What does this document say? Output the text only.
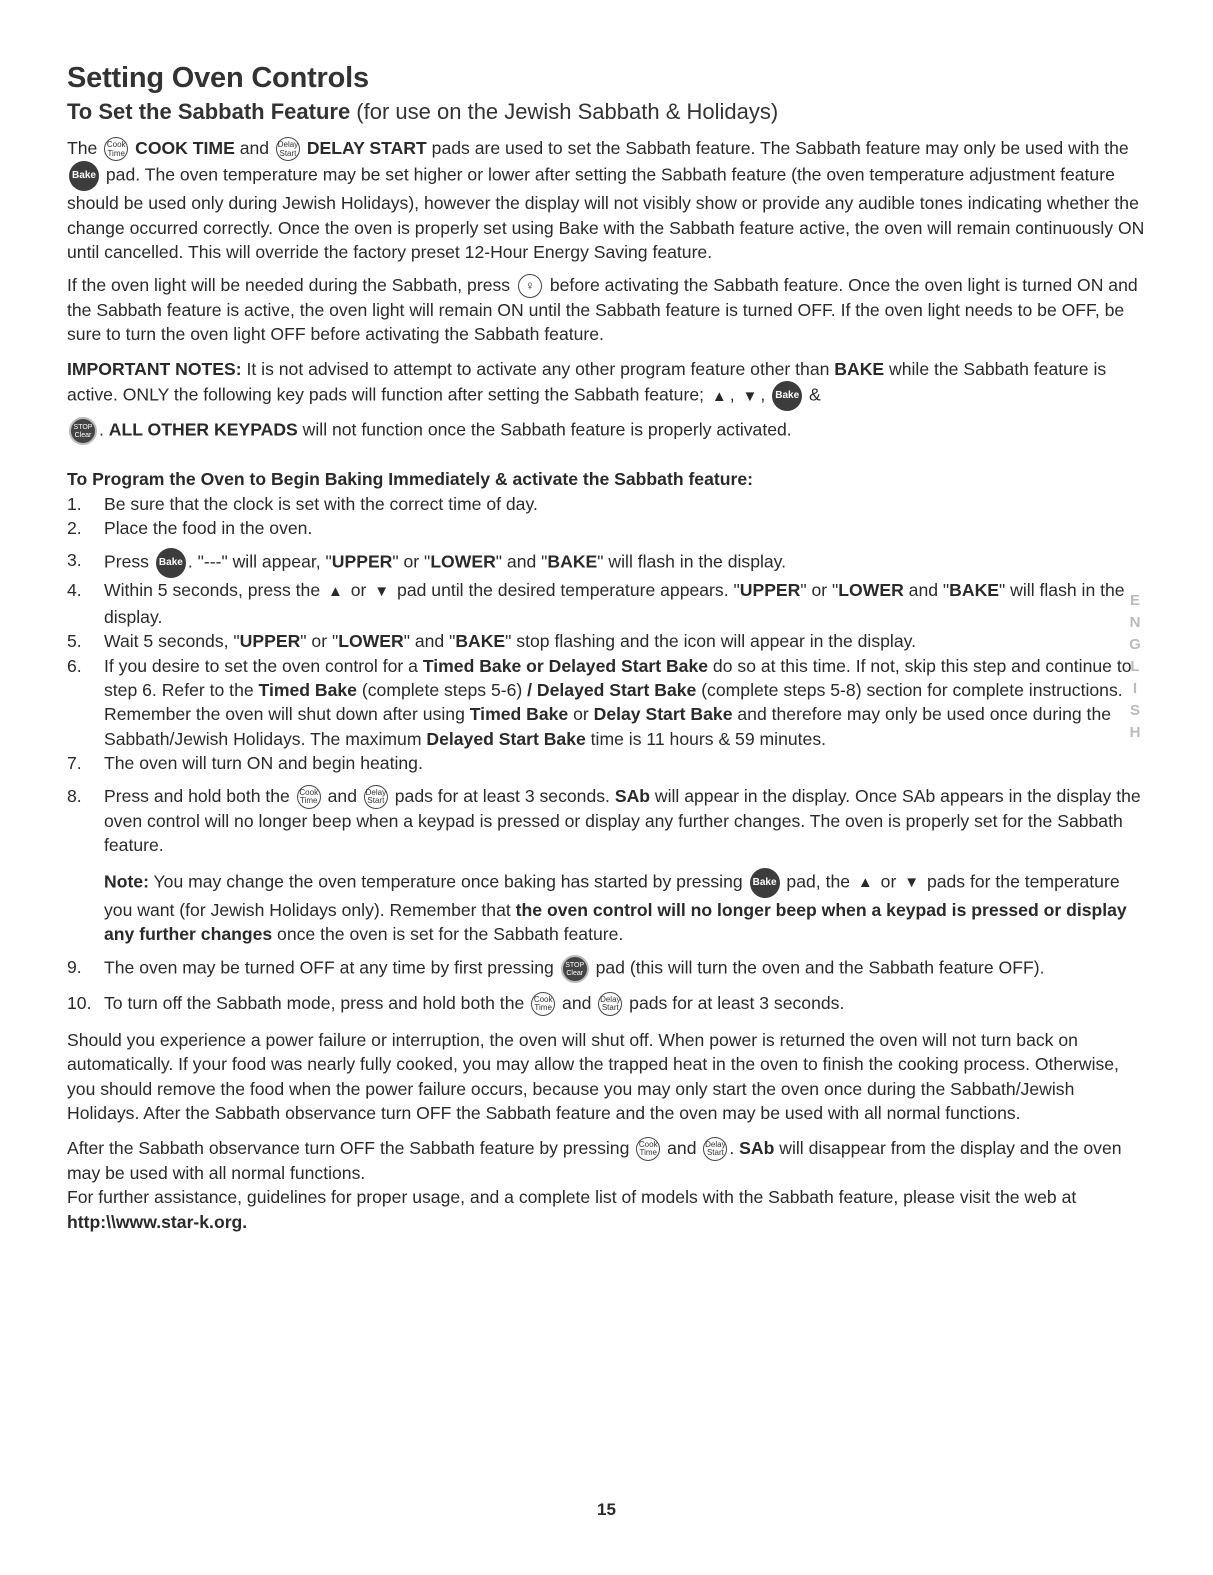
Setting Oven Controls
To Set the Sabbath Feature (for use on the Jewish Sabbath & Holidays)

The Cook
Time COOK TIME and Delay
Start DELAY START pads are used to set the Sabbath feature. The Sabbath feature may only be used with the Bake pad. The oven temperature may be set higher or lower after setting the Sabbath feature (the oven temperature adjustment feature should be used only during Jewish Holidays), however the display will not visibly show or provide any audible tones indicating whether the change occurred correctly. Once the oven is properly set using Bake with the Sabbath feature active, the oven will remain continuously ON until cancelled. This will override the factory preset 12-Hour Energy Saving feature.

If the oven light will be needed during the Sabbath, press ♀ before activating the Sabbath feature. Once the oven light is turned ON and the Sabbath feature is active, the oven light will remain ON until the Sabbath feature is turned OFF. If the oven light needs to be OFF, be sure to turn the oven light OFF before activating the Sabbath feature.

IMPORTANT NOTES: It is not advised to attempt to activate any other program feature other than BAKE while the Sabbath feature is active. ONLY the following key pads will function after setting the Sabbath feature; ▲ , ▼ , Bake &

STOP
Clear . ALL OTHER KEYPADS will not function once the Sabbath feature is properly activated.

To Program the Oven to Begin Baking Immediately & activate the Sabbath feature:

1. Be sure that the clock is set with the correct time of day.
2. Place the food in the oven.
3. Press Bake . "---" will appear, "UPPER" or "LOWER" and "BAKE" will flash in the display.
4. Within 5 seconds, press the ▲ or ▼ pad until the desired temperature appears. "UPPER" or "LOWER and "BAKE" will flash in the display.
5. Wait 5 seconds, "UPPER" or "LOWER" and "BAKE" stop flashing and the icon will appear in the display.
6. If you desire to set the oven control for a Timed Bake or Delayed Start Bake do so at this time. If not, skip this step and continue to step 6. Refer to the Timed Bake (complete steps 5-6) / Delayed Start Bake (complete steps 5-8) section for complete instructions. Remember the oven will shut down after using Timed Bake or Delay Start Bake and therefore may only be used once during the Sabbath/Jewish Holidays. The maximum Delayed Start Bake time is 11 hours & 59 minutes.
7. The oven will turn ON and begin heating.
8. Press and hold both the Cook
Time and Delay
Start pads for at least 3 seconds. SAb will appear in the display. Once SAb appears in the display the oven control will no longer beep when a keypad is pressed or display any further changes. The oven is properly set for the Sabbath feature.
Note: You may change the oven temperature once baking has started by pressing Bake pad, the ▲ or ▼ pads for the temperature you want (for Jewish Holidays only). Remember that the oven control will no longer beep when a keypad is pressed or display any further changes once the oven is set for the Sabbath feature.
9. The oven may be turned OFF at any time by first pressing STOP
Clear pad (this will turn the oven and the Sabbath feature OFF).
10. To turn off the Sabbath mode, press and hold both the Cook
Time and Delay
Start pads for at least 3 seconds.

Should you experience a power failure or interruption, the oven will shut off. When power is returned the oven will not turn back on automatically. If your food was nearly fully cooked, you may allow the trapped heat in the oven to finish the cooking process. Otherwise, you should remove the food when the power failure occurs, because you may only start the oven once during the Sabbath/Jewish Holidays. After the Sabbath observance turn OFF the Sabbath feature and the oven may be used with all normal functions.

After the Sabbath observance turn OFF the Sabbath feature by pressing Cook
Time and Delay
Start . SAb will disappear from the display and the oven may be used with all normal functions.

For further assistance, guidelines for proper usage, and a complete list of models with the Sabbath feature, please visit the web at http:\\www.star-k.org.

E
N
G
L
I
S
H
15
